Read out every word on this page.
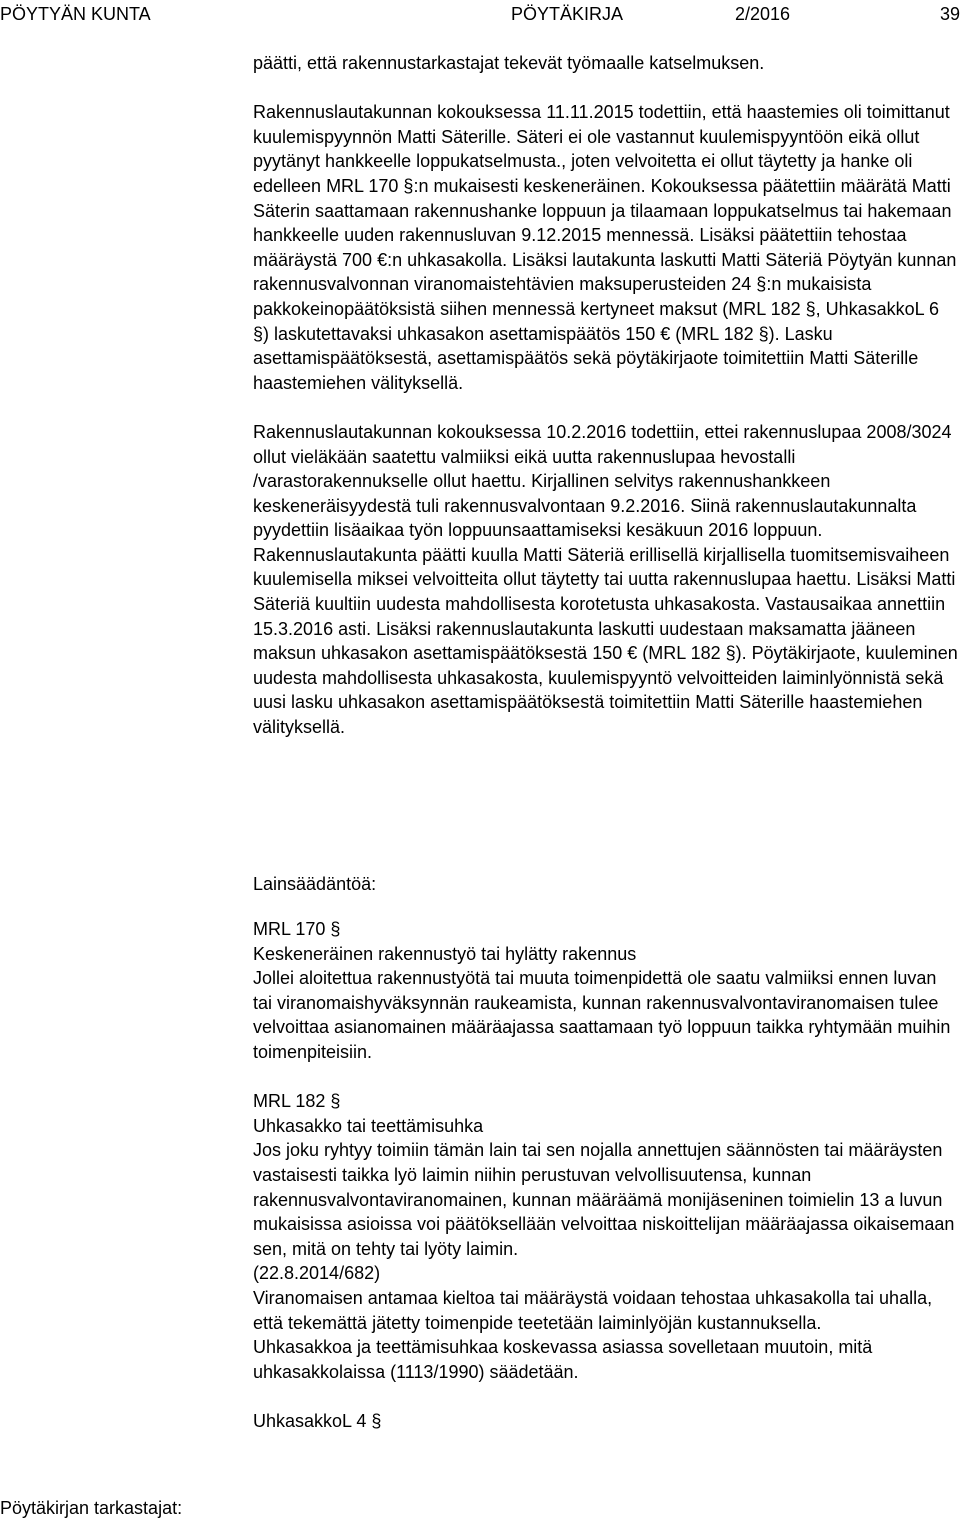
PÖYTYÄN KUNTA	PÖYTÄKIRJA	2/2016	39

päätti, että rakennustarkastajat tekevät työmaalle katselmuksen.

Rakennuslautakunnan kokouksessa 11.11.2015 todettiin, että haastemies oli toimittanut kuulemispyynnön Matti Säterille. Säteri ei ole vastannut kuulemispyyntöön eikä ollut pyytänyt hankkeelle loppukatselmusta., joten velvoitetta ei ollut täytetty ja hanke oli edelleen MRL 170 §:n mukaisesti keskeneräinen. Kokouksessa päätettiin määrätä Matti Säterin saattamaan rakennushanke loppuun ja tilaamaan loppukatselmus tai hakemaan hankkeelle uuden rakennusluvan 9.12.2015 mennessä. Lisäksi päätettiin tehostaa määräystä 700 €:n uhkasakolla. Lisäksi lautakunta laskutti Matti Säteriä Pöytyän kunnan rakennusvalvonnan viranomaistehtävien maksuperusteiden 24 §:n mukaisista pakkokeinopäätöksistä siihen mennessä kertyneet maksut (MRL 182 §, UhkasakkoL 6 §) laskutettavaksi uhkasakon asettamispäätös 150 € (MRL 182 §). Lasku asettamispäätöksestä, asettamispäätös sekä pöytäkirjaote toimitettiin Matti Säterille haastemiehen välityksellä.

Rakennuslautakunnan kokouksessa 10.2.2016 todettiin, ettei rakennuslupaa 2008/3024 ollut vieläkään saatettu valmiiksi eikä uutta rakennuslupaa hevostalli /varastorakennukselle ollut haettu. Kirjallinen selvitys rakennushankkeen keskeneräisyydestä tuli rakennusvalvontaan 9.2.2016. Siinä rakennuslautakunnalta pyydettiin lisäaikaa työn loppuunsaattamiseksi kesäkuun 2016 loppuun. Rakennuslautakunta päätti kuulla Matti Säteriä erillisellä kirjallisella tuomitsemisvaiheen kuulemisella miksei velvoitteita ollut täytetty tai uutta rakennuslupaa haettu. Lisäksi Matti Säteriä kuultiin uudesta mahdollisesta korotetusta uhkasakosta. Vastausaikaa annettiin 15.3.2016 asti. Lisäksi rakennuslautakunta laskutti uudestaan maksamatta jääneen maksun uhkasakon asettamispäätöksestä 150 € (MRL 182 §). Pöytäkirjaote, kuuleminen uudesta mahdollisesta uhkasakosta, kuulemispyyntö velvoitteiden laiminlyönnistä sekä uusi lasku uhkasakon asettamispäätöksestä toimitettiin Matti Säterille haastemiehen välityksellä.

Lainsäädäntöä:

MRL 170 §

Keskeneräinen rakennustyö tai hylätty rakennus

Jollei aloitettua rakennustyötä tai muuta toimenpidettä ole saatu valmiiksi ennen luvan tai viranomaishyväksynnän raukeamista, kunnan rakennusvalvontaviranomaisen tulee velvoittaa asianomainen määräajassa saattamaan työ loppuun taikka ryhtymään muihin toimenpiteisiin.

MRL 182 §

Uhkasakko tai teettämisuhka

Jos joku ryhtyy toimiin tämän lain tai sen nojalla annettujen säännösten tai määräysten vastaisesti taikka lyö laimin niihin perustuvan velvollisuutensa, kunnan rakennusvalvontaviranomainen, kunnan määräämä monijäseninen toimielin 13 a luvun mukaisissa asioissa voi päätöksellään velvoittaa niskoittelijan määräajassa oikaisemaan sen, mitä on tehty tai lyöty laimin.

(22.8.2014/682)

Viranomaisen antamaa kieltoa tai määräystä voidaan tehostaa uhkasakolla tai uhalla, että tekemättä jätetty toimenpide teetetään laiminlyöjän kustannuksella.

Uhkasakkoa ja teettämisuhkaa koskevassa asiassa sovelletaan muutoin, mitä uhkasakkolaissa (1113/1990) säädetään.

UhkasakkoL 4 §

Pöytäkirjan tarkastajat:
